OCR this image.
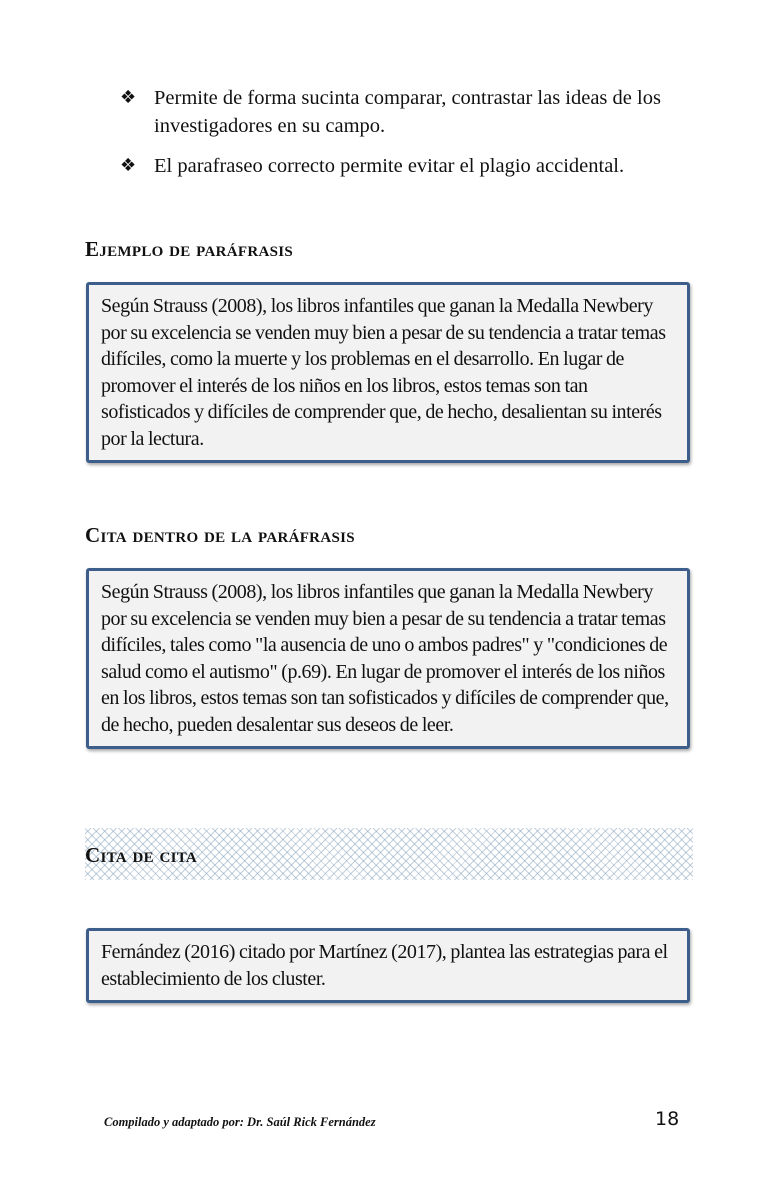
❖ Permite de forma sucinta comparar, contrastar las ideas de los investigadores en su campo.
❖ El parafraseo correcto permite evitar el plagio accidental.
Ejemplo de paráfrasis
Según Strauss (2008), los libros infantiles que ganan la Medalla Newbery por su excelencia se venden muy bien a pesar de su tendencia a tratar temas difíciles, como la muerte y los problemas en el desarrollo. En lugar de promover el interés de los niños en los libros, estos temas son tan sofisticados y difíciles de comprender que, de hecho, desalientan su interés por la lectura.
Cita dentro de la paráfrasis
Según Strauss (2008), los libros infantiles que ganan la Medalla Newbery por su excelencia se venden muy bien a pesar de su tendencia a tratar temas difíciles, tales como "la ausencia de uno o ambos padres" y "condiciones de salud como el autismo" (p.69). En lugar de promover el interés de los niños en los libros, estos temas son tan sofisticados y difíciles de comprender que, de hecho, pueden desalentar sus deseos de leer.
Cita de cita
Fernández (2016) citado por Martínez (2017), plantea las estrategias para el establecimiento de los cluster.
Compilado y adaptado por: Dr. Saúl Rick Fernández	18
